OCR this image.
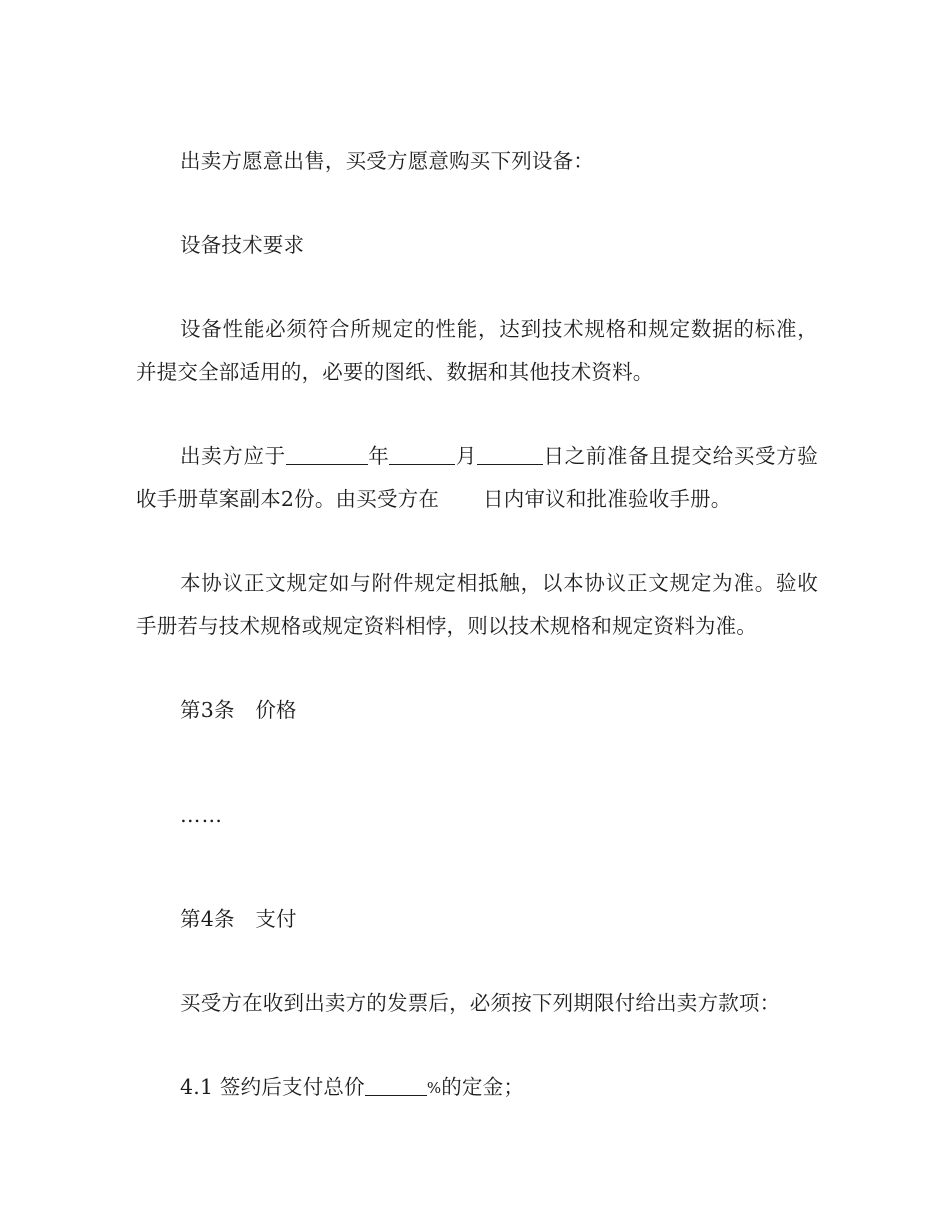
出卖方愿意出售，买受方愿意购买下列设备：

设备技术要求

设备性能必须符合所规定的性能，达到技术规格和规定数据的标准，并提交全部适用的，必要的图纸、数据和其他技术资料。

出卖方应于	年	月	日之前准备且提交给买受方验收手册草案副本2份。由买受方在 日内审议和批准验收手册。

本协议正文规定如与附件规定相抵触，以本协议正文规定为准。验收手册若与技术规格或规定资料相悖，则以技术规格和规定资料为准。

第3条　价格

……

第4条　支付

买受方在收到出卖方的发票后，必须按下列期限付给出卖方款项：

4.1 签约后支付总价	%的定金；
